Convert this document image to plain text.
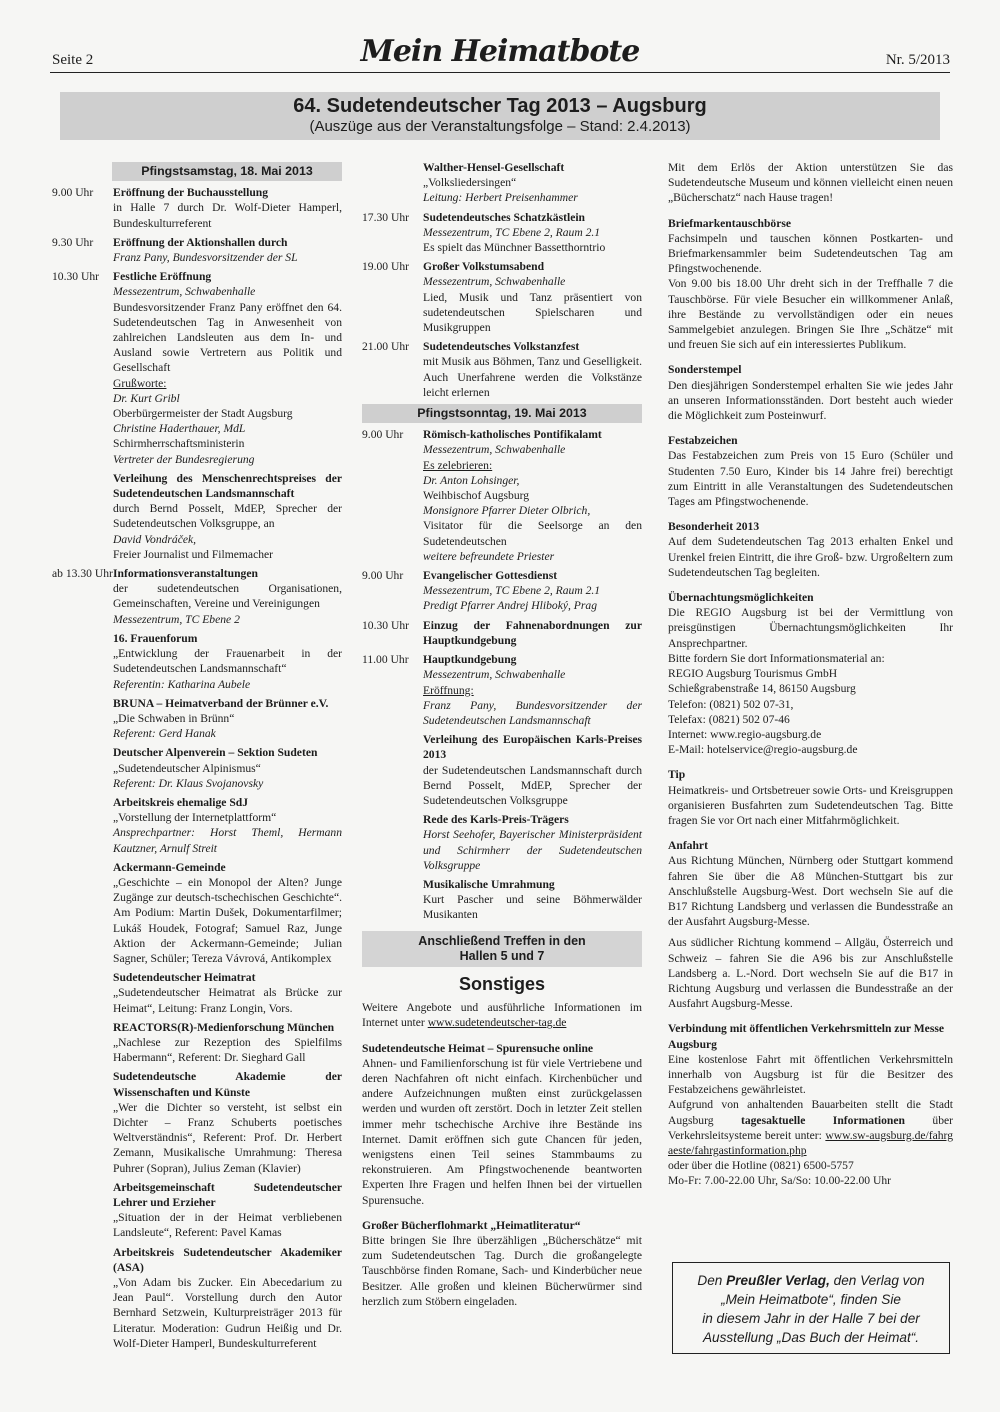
Seite 2	Mein Heimatbote	Nr. 5/2013
64. Sudetendeutscher Tag 2013 – Augsburg
(Auszüge aus der Veranstaltungsfolge – Stand: 2.4.2013)
Pfingstsamstag, 18. Mai 2013
9.00 Uhr	Eröffnung der Buchausstellung
in Halle 7 durch Dr. Wolf-Dieter Hamperl, Bundeskulturreferent
9.30 Uhr	Eröffnung der Aktionshallen durch
Franz Pany, Bundesvorsitzender der SL
10.30 Uhr	Festliche Eröffnung
Messezentrum, Schwabenhalle
Bundesvorsitzender Franz Pany eröffnet den 64. Sudetendeutschen Tag in Anwesenheit von zahlreichen Landsleuten aus dem In- und Ausland sowie Vertretern aus Politik und Gesellschaft
Grußworte:
Dr. Kurt Gribl
Oberbürgermeister der Stadt Augsburg
Christine Haderthauer, MdL
Schirmherrschaftsministerin
Vertreter der Bundesregierung
Verleihung des Menschenrechtspreises der Sudetendeutschen Landsmannschaft
durch Bernd Posselt, MdEP, Sprecher der Sudetendeutschen Volksgruppe, an
David Vondráček,
Freier Journalist und Filmemacher
ab 13.30 Uhr Informationsveranstaltungen
der sudetendeutschen Organisationen, Gemeinschaften, Vereine und Vereinigungen
Messezentrum, TC Ebene 2
16. Frauenforum
„Entwicklung der Frauenarbeit in der Sudetendeutschen Landsmannschaft“
Referentin: Katharina Aubele
BRUNA – Heimatverband der Brünner e.V.
„Die Schwaben in Brünn“
Referent: Gerd Hanak
Deutscher Alpenverein – Sektion Sudeten
„Sudetendeutscher Alpinismus“
Referent: Dr. Klaus Svojanovsky
Arbeitskreis ehemalige SdJ
„Vorstellung der Internetplattform“
Ansprechpartner: Horst Theml, Hermann Kautzner, Arnulf Streit
Ackermann-Gemeinde
„Geschichte – ein Monopol der Alten? Junge Zugänge zur deutsch-tschechischen Geschichte“. Am Podium: Martin Dušek, Dokumentarfilmer; Lukáš Houdek, Fotograf; Samuel Raz, Junge Aktion der Ackermann-Gemeinde; Julian Sagner, Schüler; Tereza Vávrová, Antikomplex
Sudetendeutscher Heimatrat
„Sudetendeutscher Heimatrat als Brücke zur Heimat“, Leitung: Franz Longin, Vors.
REACTORS(R)-Medienforschung München
„Nachlese zur Rezeption des Spielfilms Habermann“, Referent: Dr. Sieghard Gall
Sudetendeutsche Akademie der Wissenschaften und Künste
„Wer die Dichter so versteht, ist selbst ein Dichter – Franz Schuberts poetisches Weltverständnis“, Referent: Prof. Dr. Herbert Zemann, Musikalische Umrahmung: Theresa Puhrer (Sopran), Julius Zeman (Klavier)
Arbeitsgemeinschaft Sudetendeutscher Lehrer und Erzieher
„Situation der in der Heimat verbliebenen Landsleute“, Referent: Pavel Kamas
Arbeitskreis Sudetendeutscher Akademiker (ASA)
„Von Adam bis Zucker. Ein Abecedarium zu Jean Paul“. Vorstellung durch den Autor Bernhard Setzwein, Kulturpreisträger 2013 für Literatur. Moderation: Gudrun Heißig und Dr. Wolf-Dieter Hamperl, Bundeskulturreferent
Walther-Hensel-Gesellschaft
„Volksliedersingen“
Leitung: Herbert Preisenhammer
17.30 Uhr	Sudetendeutsches Schatzkästlein
Messezentrum, TC Ebene 2, Raum 2.1
Es spielt das Münchner Bassetthorntrio
19.00 Uhr	Großer Volkstumsabend
Messezentrum, Schwabenhalle
Lied, Musik und Tanz präsentiert von sudetendeutschen Spielscharen und Musikgruppen
21.00 Uhr	Sudetendeutsches Volkstanzfest
mit Musik aus Böhmen, Tanz und Geselligkeit. Auch Unerfahrene werden die Volkstänze leicht erlernen
Pfingstsonntag, 19. Mai 2013
9.00 Uhr	Römisch-katholisches Pontifikalamt
Messezentrum, Schwabenhalle
Es zelebrieren:
Dr. Anton Lohsinger,
Weihbischof Augsburg
Monsignore Pfarrer Dieter Olbrich,
Visitator für die Seelsorge an den Sudetendeutschen
weitere befreundete Priester
9.00 Uhr	Evangelischer Gottesdienst
Messezentrum, TC Ebene 2, Raum 2.1
Predigt Pfarrer Andrej Hliboký, Prag
10.30 Uhr	Einzug der Fahnenabordnungen zur Hauptkundgebung
11.00 Uhr	Hauptkundgebung
Messezentrum, Schwabenhalle
Eröffnung:
Franz Pany, Bundesvorsitzender der Sudetendeutschen Landsmannschaft
Verleihung des Europäischen Karls-Preises 2013
der Sudetendeutschen Landsmannschaft durch Bernd Posselt, MdEP, Sprecher der Sudetendeutschen Volksgruppe
Rede des Karls-Preis-Trägers
Horst Seehofer, Bayerischer Ministerpräsident und Schirmherr der Sudetendeutschen Volksgruppe
Musikalische Umrahmung
Kurt Pascher und seine Böhmerwälder Musikanten
Anschließend Treffen in den
Hallen 5 und 7
Sonstiges

Weitere Angebote und ausführliche Informationen im Internet unter www.sudetendeutscher-tag.de

Sudetendeutsche Heimat – Spurensuche online

Ahnen- und Familienforschung ist für viele Vertriebene und deren Nachfahren oft nicht einfach. Kirchenbücher und andere Aufzeichnungen mußten einst zurückgelassen werden und wurden oft zerstört. Doch in letzter Zeit stellen immer mehr tschechische Archive ihre Bestände ins Internet. Damit eröffnen sich gute Chancen für jeden, wenigstens einen Teil seines Stammbaums zu rekonstruieren. Am Pfingstwochenende beantworten Experten Ihre Fragen und helfen Ihnen bei der virtuellen Spurensuche.

Großer Bücherflohmarkt „Heimatliteratur“

Bitte bringen Sie Ihre überzähligen „Bücherschätze“ mit zum Sudetendeutschen Tag. Durch die großangelegte Tauschbörse finden Romane, Sach- und Kinderbücher neue Besitzer. Alle großen und kleinen Bücherwürmer sind herzlich zum Stöbern eingeladen.

Mit dem Erlös der Aktion unterstützen Sie das Sudetendeutsche Museum und können vielleicht einen neuen „Bücherschatz“ nach Hause tragen!

Briefmarkentauschbörse

Fachsimpeln und tauschen können Postkarten- und Briefmarkensammler beim Sudetendeutschen Tag am Pfingstwochenende.

Von 9.00 bis 18.00 Uhr dreht sich in der Treffhalle 7 die Tauschbörse. Für viele Besucher ein willkommener Anlaß, ihre Bestände zu vervollständigen oder ein neues Sammelgebiet anzulegen. Bringen Sie Ihre „Schätze“ mit und freuen Sie sich auf ein interessiertes Publikum.

Sonderstempel

Den diesjährigen Sonderstempel erhalten Sie wie jedes Jahr an unseren Informationsständen. Dort besteht auch wieder die Möglichkeit zum Posteinwurf.

Festabzeichen

Das Festabzeichen zum Preis von 15 Euro (Schüler und Studenten 7.50 Euro, Kinder bis 14 Jahre frei) berechtigt zum Eintritt in alle Veranstaltungen des Sudetendeutschen Tages am Pfingstwochenende.

Besonderheit 2013

Auf dem Sudetendeutschen Tag 2013 erhalten Enkel und Urenkel freien Eintritt, die ihre Groß- bzw. Urgroßeltern zum Sudetendeutschen Tag begleiten.

Übernachtungsmöglichkeiten

Die REGIO Augsburg ist bei der Vermittlung von preisgünstigen Übernachtungsmöglichkeiten Ihr Ansprechpartner.

Bitte fordern Sie dort Informationsmaterial an:
REGIO Augsburg Tourismus GmbH
Schießgrabenstraße 14, 86150 Augsburg
Telefon: (0821) 502 07-31,
Telefax: (0821) 502 07-46
Internet: www.regio-augsburg.de
E-Mail: hotelservice@regio-augsburg.de
Tip

Heimatkreis- und Ortsbetreuer sowie Orts- und Kreisgruppen organisieren Busfahrten zum Sudetendeutschen Tag. Bitte fragen Sie vor Ort nach einer Mitfahrmöglichkeit.

Anfahrt

Aus Richtung München, Nürnberg oder Stuttgart kommend fahren Sie über die A8 München-Stuttgart bis zur Anschlußstelle Augsburg-West. Dort wechseln Sie auf die B17 Richtung Landsberg und verlassen die Bundesstraße an der Ausfahrt Augsburg-Messe.

Aus südlicher Richtung kommend – Allgäu, Österreich und Schweiz – fahren Sie die A96 bis zur Anschlußstelle Landsberg a. L.-Nord. Dort wechseln Sie auf die B17 in Richtung Augsburg und verlassen die Bundesstraße an der Ausfahrt Augsburg-Messe.

Verbindung mit öffentlichen Verkehrsmitteln zur Messe Augsburg

Eine kostenlose Fahrt mit öffentlichen Verkehrsmitteln innerhalb von Augsburg ist für die Besitzer des Festabzeichens gewährleistet.

Aufgrund von anhaltenden Bauarbeiten stellt die Stadt Augsburg tagesaktuelle Informationen über Verkehrsleitsysteme bereit unter: www.sw-augsburg.de/fahrgaeste/fahrgastinformation.php

oder über die Hotline (0821) 6500-5757

Mo-Fr: 7.00-22.00 Uhr, Sa/So: 10.00-22.00 Uhr

Den Preußler Verlag, den Verlag von
„Mein Heimatbote“, finden Sie
in diesem Jahr in der Halle 7 bei der
Ausstellung „Das Buch der Heimat“.
